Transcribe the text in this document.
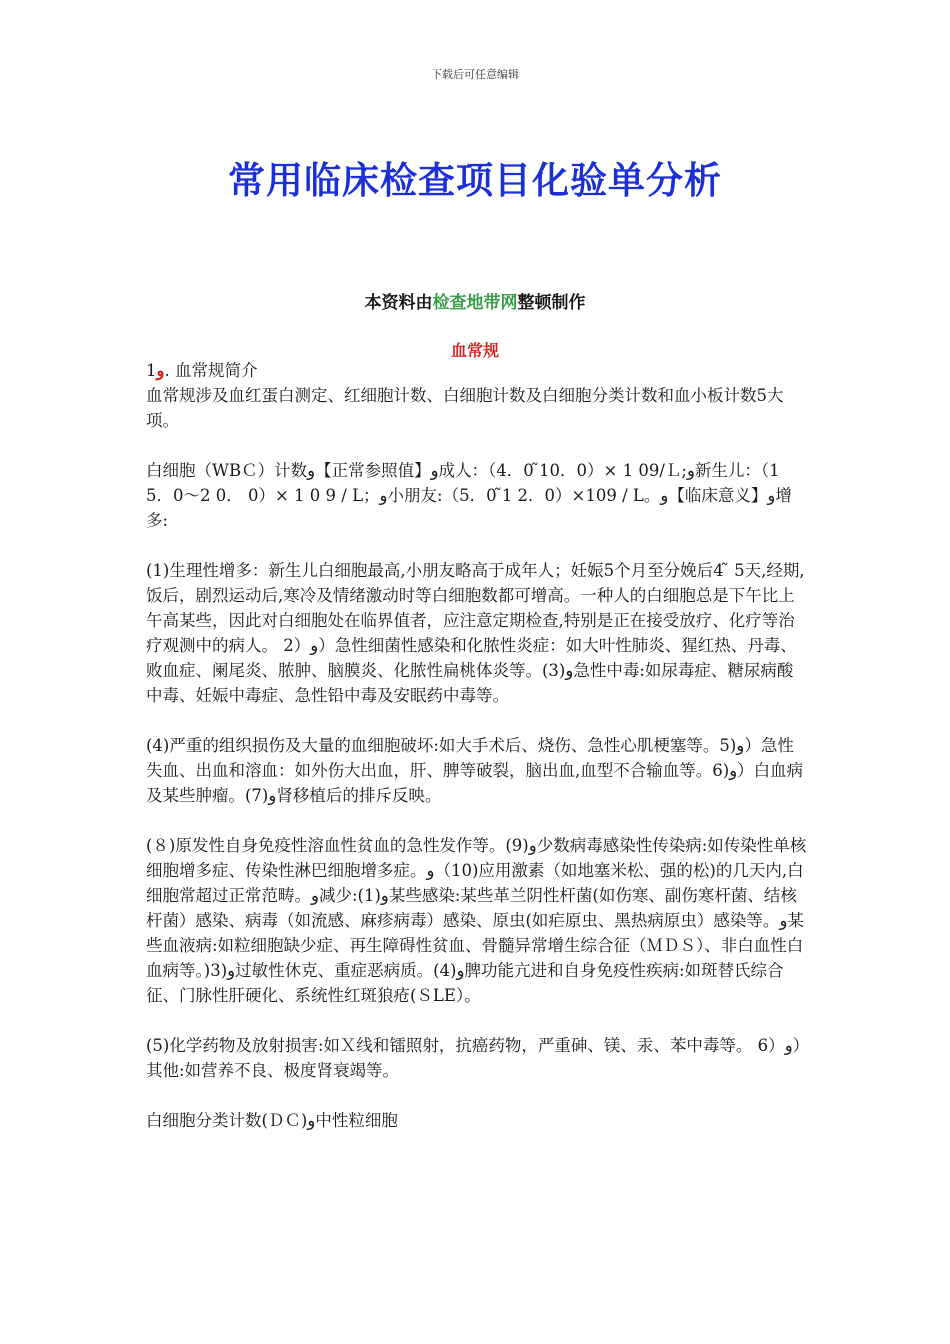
下载后可任意编辑
常用临床检查项目化验单分析
本资料由检查地带网整顿制作
血常规

1و. 血常规简介

血常规涉及血红蛋白测定、红细胞计数、白细胞计数及白细胞分类计数和血小板计数5大项。

白细胞（WBＣ）计数و【正常参照值】و成人：（4．0 ̃10．0）× 1 09/Ｌ;و新生儿：（1 5．0～2 0． 0）× 1 0 9 / L；و小朋友:（5．0 ̃1 2．0）×109 / L。و【临床意义】و增多:

(1)生理性增多：新生儿白细胞最高,小朋友略高于成年人；妊娠5个月至分娩后4 ̃ 5天,经期,饭后，剧烈运动后,寒冷及情绪激动时等白细胞数都可增高。一种人的白细胞总是下午比上午高某些，因此对白细胞处在临界值者，应注意定期检查,特别是正在接受放疗、化疗等治疗观测中的病人。 2）و）急性细菌性感染和化脓性炎症：如大叶性肺炎、猩红热、丹毒、败血症、阑尾炎、脓肿、脑膜炎、化脓性扁桃体炎等。(3)و急性中毒:如尿毒症、糖尿病酸中毒、妊娠中毒症、急性铅中毒及安眠药中毒等。

(4)严重的组织损伤及大量的血细胞破坏:如大手术后、烧伤、急性心肌梗塞等。5)و）急性失血、出血和溶血：如外伤大出血，肝、脾等破裂，脑出血,血型不合输血等。6)و）白血病及某些肿瘤。(7)و肾移植后的排斥反映。

(８)原发性自身免疫性溶血性贫血的急性发作等。(9)و少数病毒感染性传染病:如传染性单核细胞增多症、传染性淋巴细胞增多症。و（10)应用激素（如地塞米松、强的松)的几天内,白细胞常超过正常范畴。و减少:(1)و某些感染:某些革兰阴性杆菌(如伤寒、副伤寒杆菌、结核杆菌）感染、病毒（如流感、麻疹病毒）感染、原虫(如疟原虫、黑热病原虫）感染等。و某些血液病:如粒细胞缺少症、再生障碍性贫血、骨髓异常增生综合征（ＭＤＳ）、非白血性白血病等。)و(3过敏性休克、重症恶病质。(4)و脾功能亢进和自身免疫性疾病:如斑替氏综合征、门脉性肝硬化、系统性红斑狼疮(ＳLE）。

(5)化学药物及放射损害:如Ｘ线和镭照射，抗癌药物，严重砷、镁、汞、苯中毒等。 6）و）其他:如营养不良、极度肾衰竭等。

白细胞分类计数(ＤＣ)و中性粒细胞
